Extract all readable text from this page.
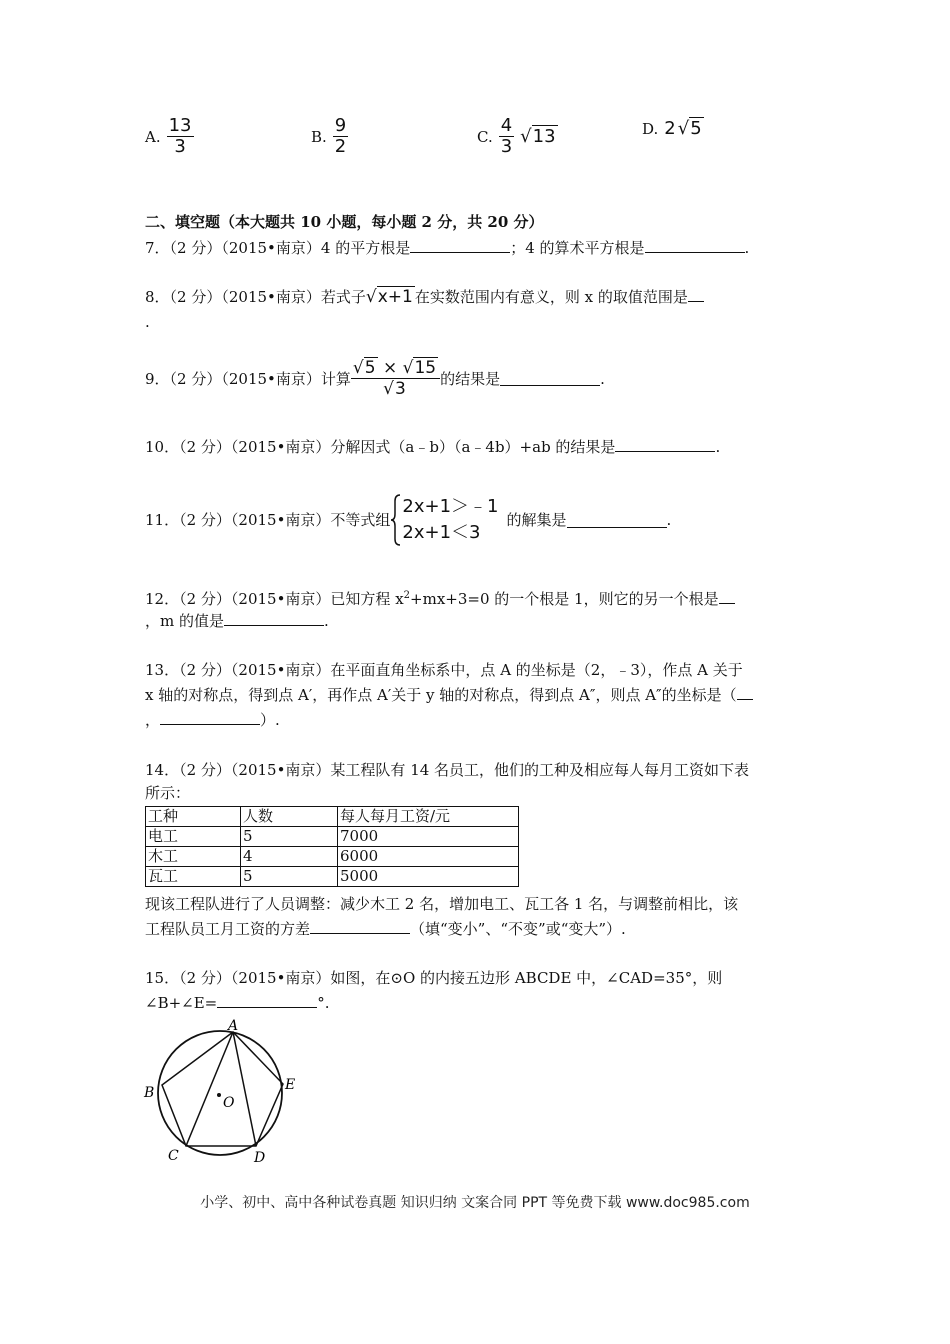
A. $\frac{13}{3}$	B. $\frac{9}{2}$	C. $\frac{4}{3} √13$	D. 2 √5
二、填空题（本大题共 10 小题，每小题 2 分，共 20 分）
7．（2 分）（2015•南京）4 的平方根是	；4 的算术平方根是	.
8．（2 分）（2015•南京）若式子√x+1 在实数范围内有意义，则 x 的取值范围是
.
9．（2 分）（2015•南京）计算 $\frac{√5 \times √15}{√3}$ 的结果是	.
10．（2 分）（2015•南京）分解因式（a﹣b）（a﹣4b）+ab 的结果是	.
11．（2 分）（2015•南京）不等式组
2x+1＞﹣1
2x+1＜3
的解集是	.
12．（2 分）（2015•南京）已知方程 $x^2+mx+3=0$ 的一个根是 1，则它的另一个根是
，m 的值是	.
13．（2 分）（2015•南京）在平面直角坐标系中，点 A 的坐标是（2，﹣3），作点 A 关于
x 轴的对称点，得到点 A′，再作点 A′关于 y 轴的对称点，得到点 A″，则点 A″的坐标是（
，	）.
14．（2 分）（2015•南京）某工程队有 14 名员工，他们的工种及相应每人每月工资如下表
所示：
工种	人数	每人每月工资/元
电工	5	7000
木工	4	6000
瓦工	5	5000
现该工程队进行了人员调整：减少木工 2 名，增加电工、瓦工各 1 名，与调整前相比，该
工程队员工月工资的方差	（填“变小”、“不变”或“变大”）.
15．（2 分）（2015•南京）如图，在⊙O 的内接五边形 ABCDE 中，∠CAD=35°，则
∠B+∠E=	°.
A
B
C	D
E
O
小学、初中、高中各种试卷真题 知识归纳 文案合同 PPT 等免费下载 www.doc985.com
